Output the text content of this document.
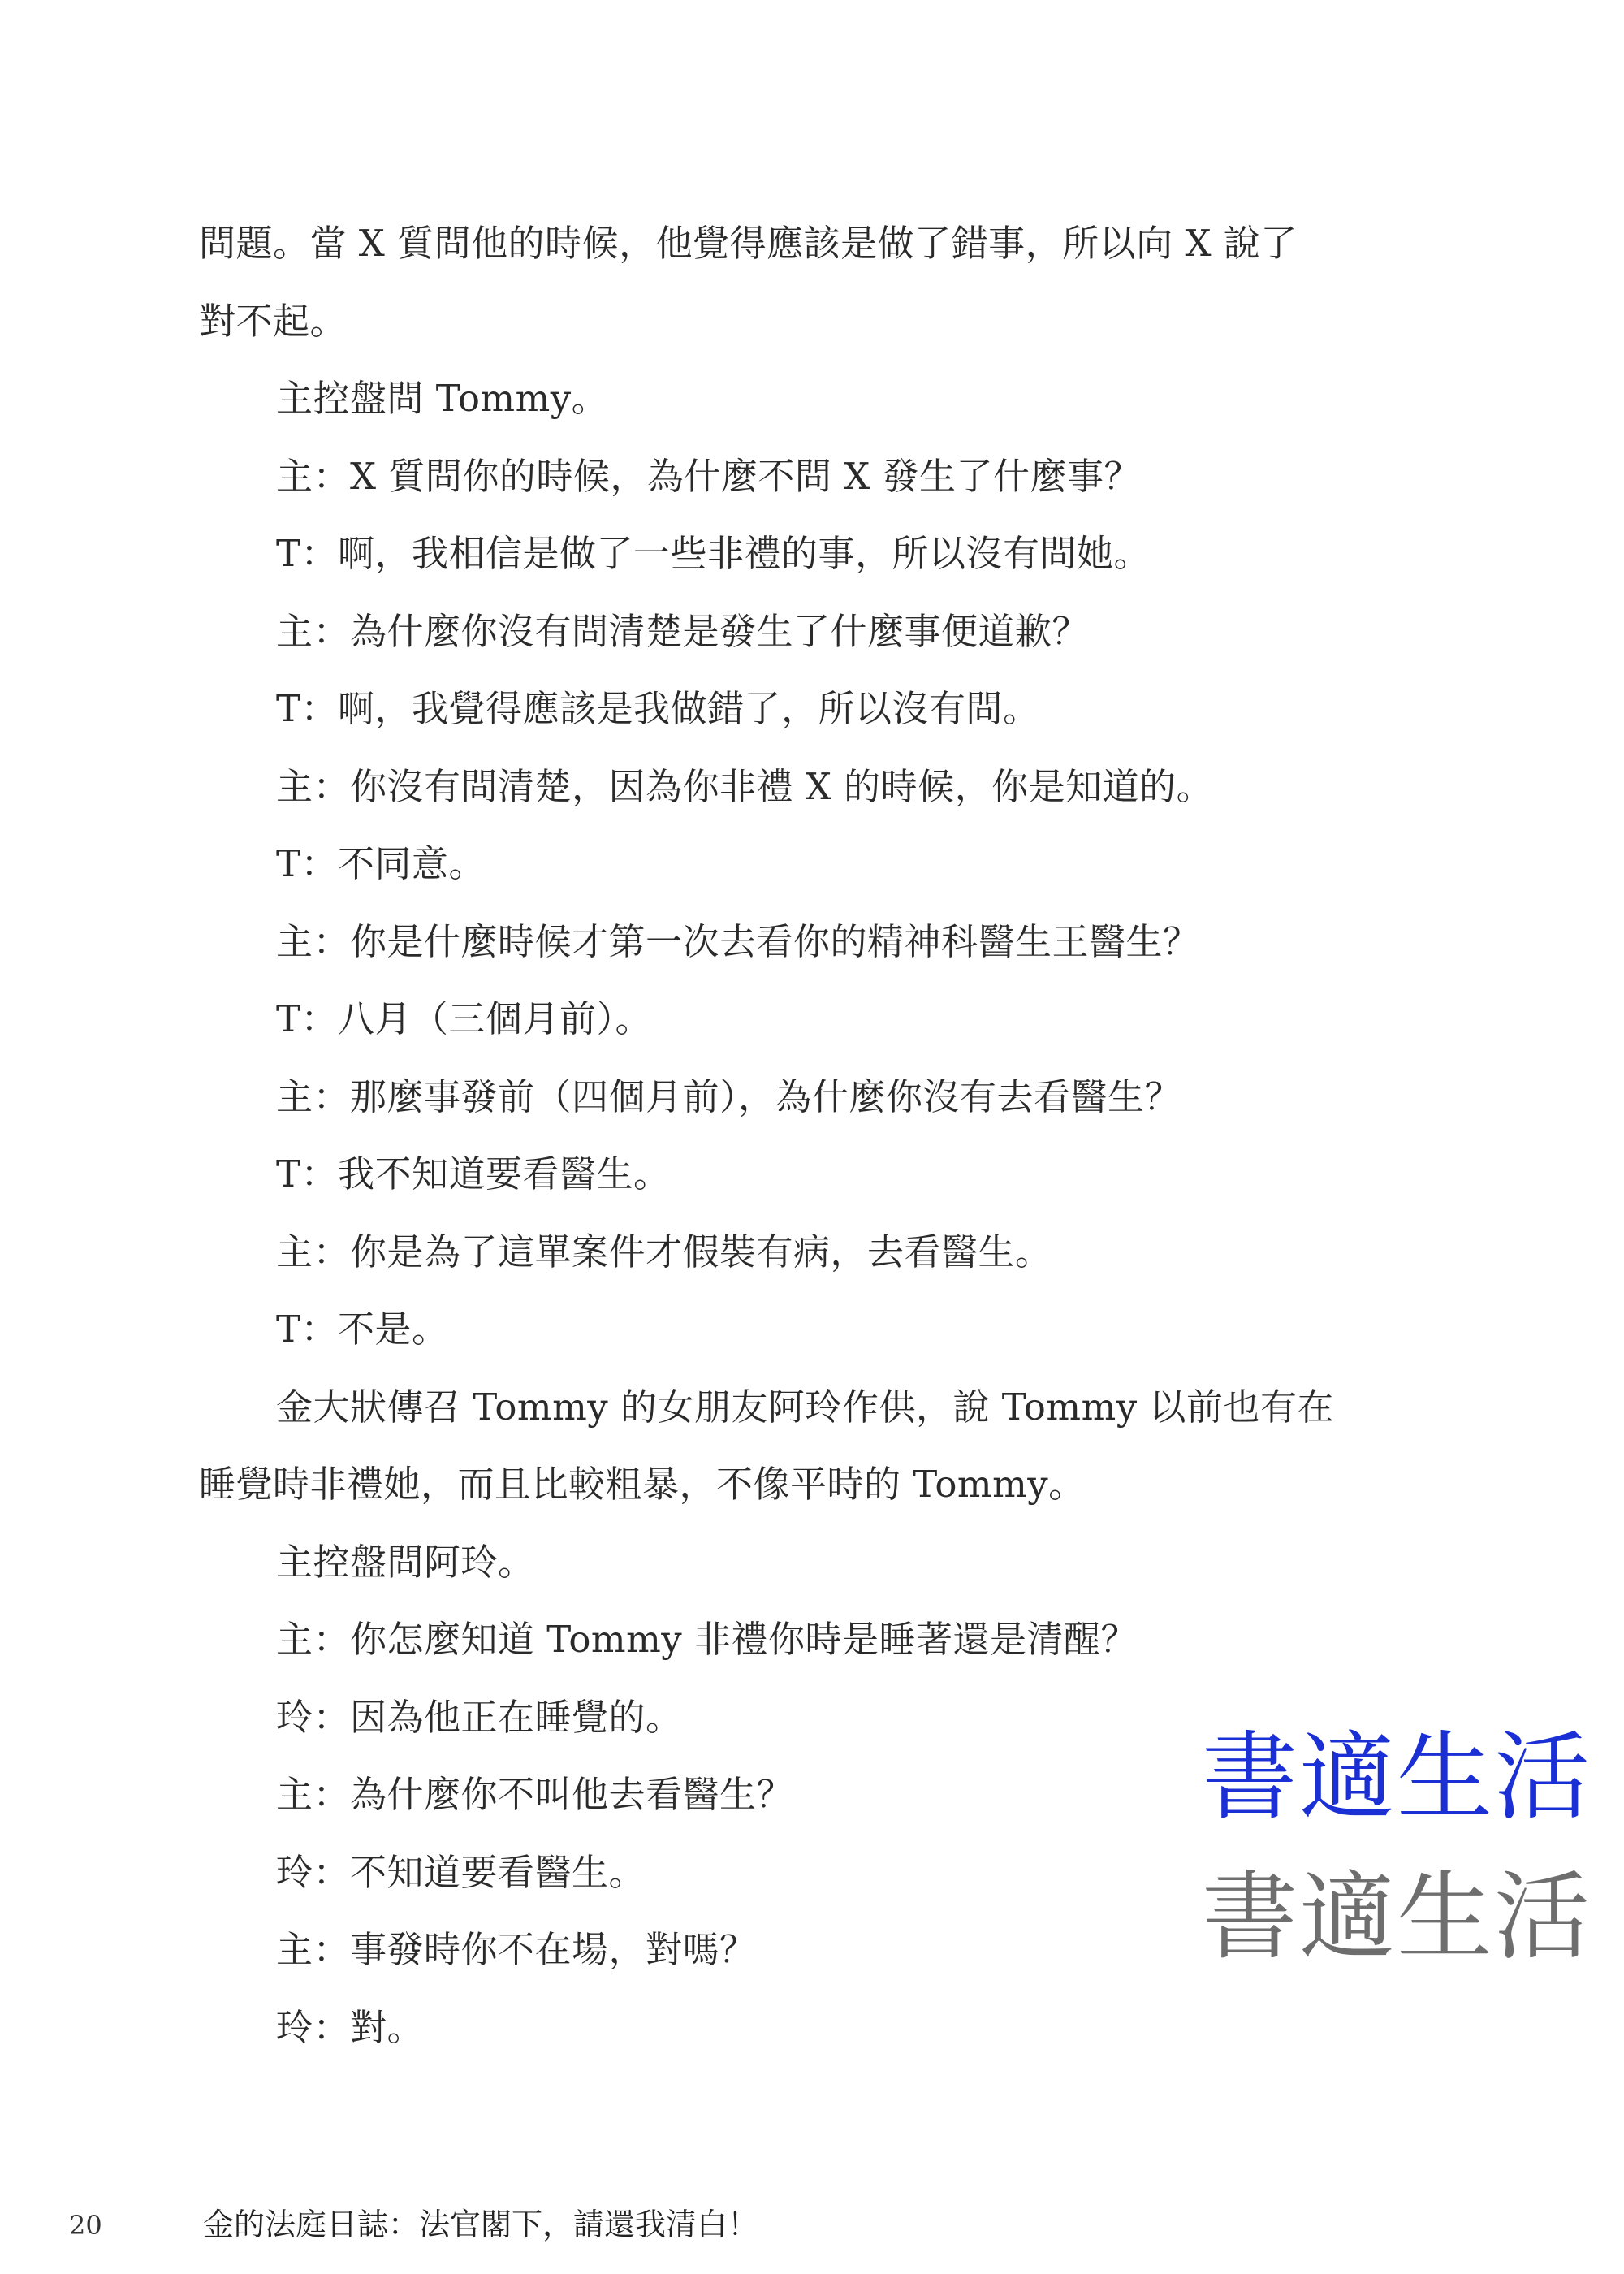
問題。當 X 質問他的時候，他覺得應該是做了錯事，所以向 X 說了
對不起。
主控盤問 Tommy。
主：X 質問你的時候，為什麼不問 X 發生了什麼事？
T：啊，我相信是做了一些非禮的事，所以沒有問她。
主：為什麼你沒有問清楚是發生了什麼事便道歉？
T：啊，我覺得應該是我做錯了，所以沒有問。
主：你沒有問清楚，因為你非禮 X 的時候，你是知道的。
T：不同意。
主：你是什麼時候才第一次去看你的精神科醫生王醫生？
T：八月（三個月前）。
主：那麼事發前（四個月前），為什麼你沒有去看醫生？
T：我不知道要看醫生。
主：你是為了這單案件才假裝有病，去看醫生。
T：不是。
金大狀傳召 Tommy 的女朋友阿玲作供，說 Tommy 以前也有在
睡覺時非禮她，而且比較粗暴，不像平時的 Tommy。
主控盤問阿玲。
主：你怎麼知道 Tommy 非禮你時是睡著還是清醒？
玲：因為他正在睡覺的。
主：為什麼你不叫他去看醫生？
玲：不知道要看醫生。
主：事發時你不在場，對嗎？
玲：對。
書適生活
書適生活
20	金的法庭日誌：法官閣下，請還我清白！
